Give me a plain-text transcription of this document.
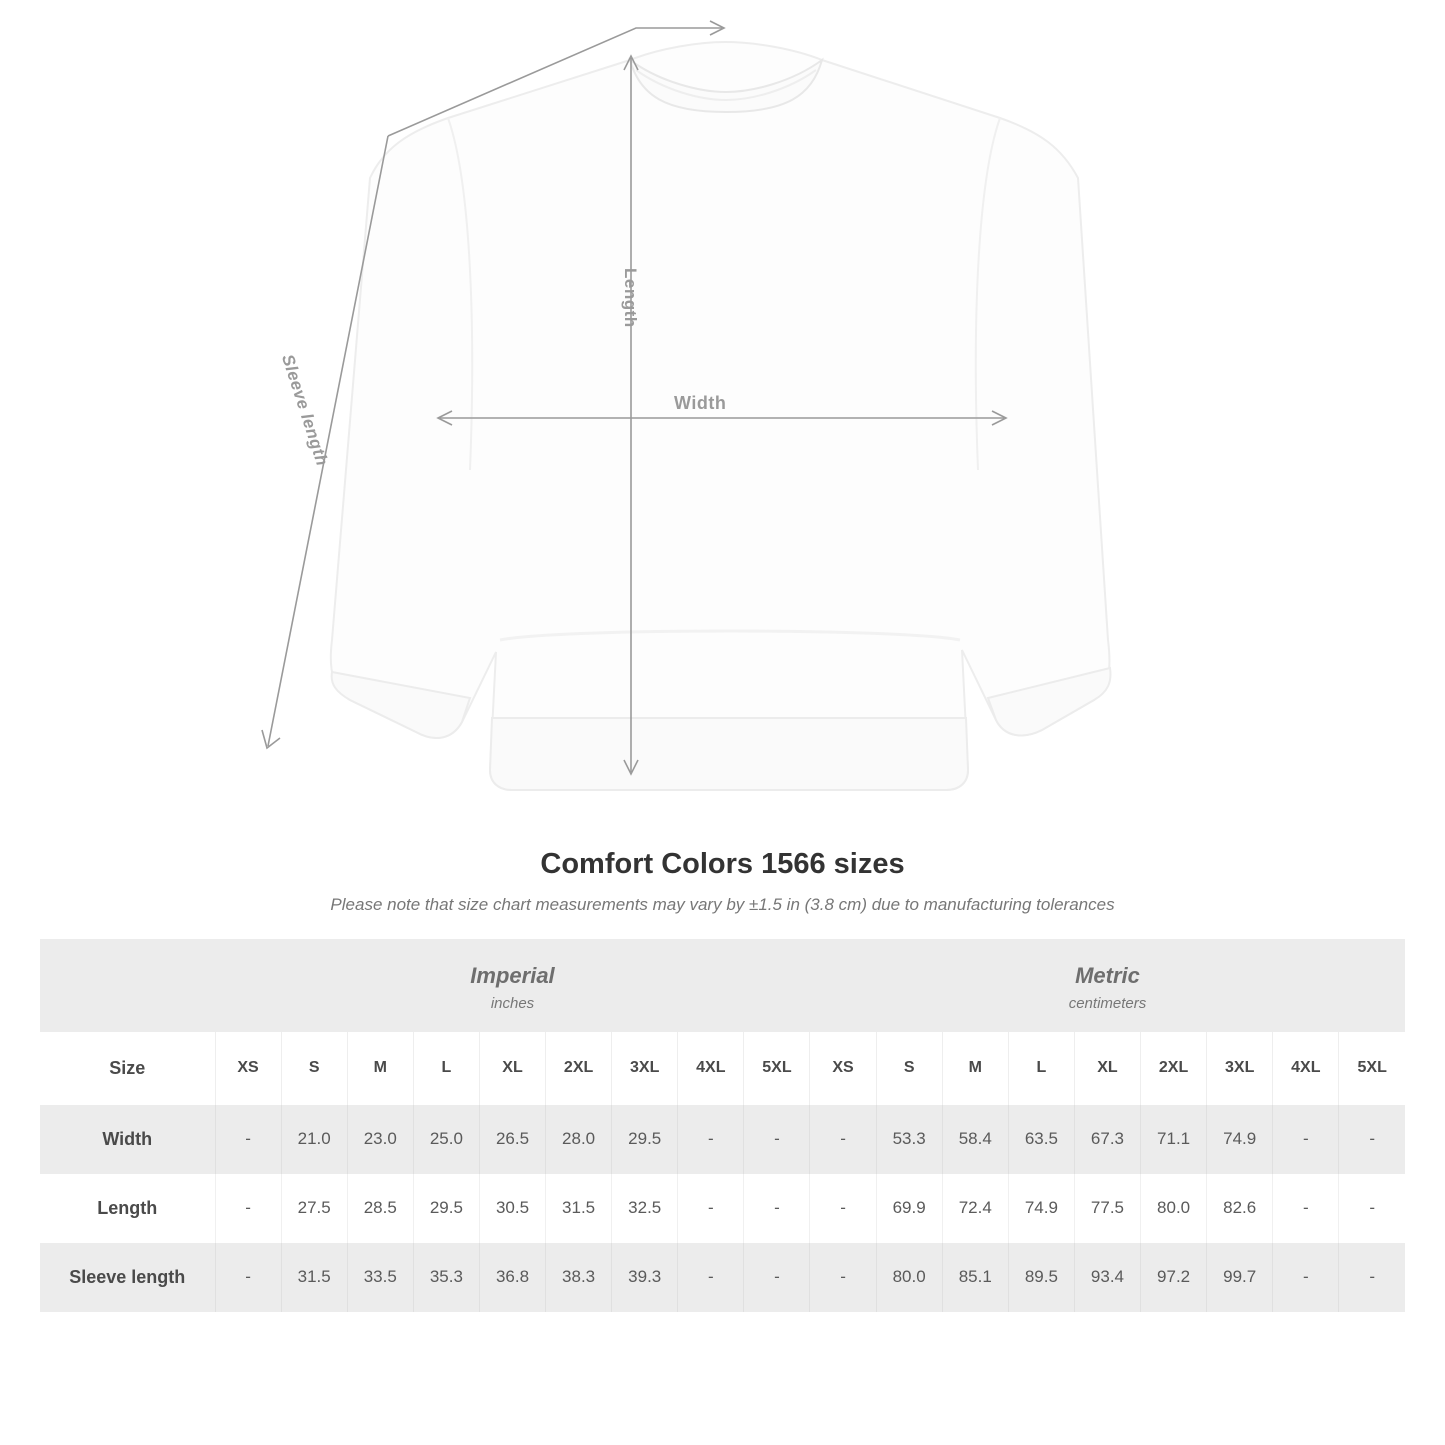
Width
Length
Sleeve length
Comfort Colors 1566 sizes
Please note that size chart measurements may vary by ±1.5 in (3.8 cm) due to manufacturing tolerances

Imperial
inches

Metric
centimeters

Size	XS	S	M	L	XL	2XL	3XL	4XL	5XL	XS	S	M	L	XL	2XL	3XL	4XL	5XL
Width	-	21.0	23.0	25.0	26.5	28.0	29.5	-	-	-	53.3	58.4	63.5	67.3	71.1	74.9	-	-
Length	-	27.5	28.5	29.5	30.5	31.5	32.5	-	-	-	69.9	72.4	74.9	77.5	80.0	82.6	-	-
Sleeve length	-	31.5	33.5	35.3	36.8	38.3	39.3	-	-	-	80.0	85.1	89.5	93.4	97.2	99.7	-	-
